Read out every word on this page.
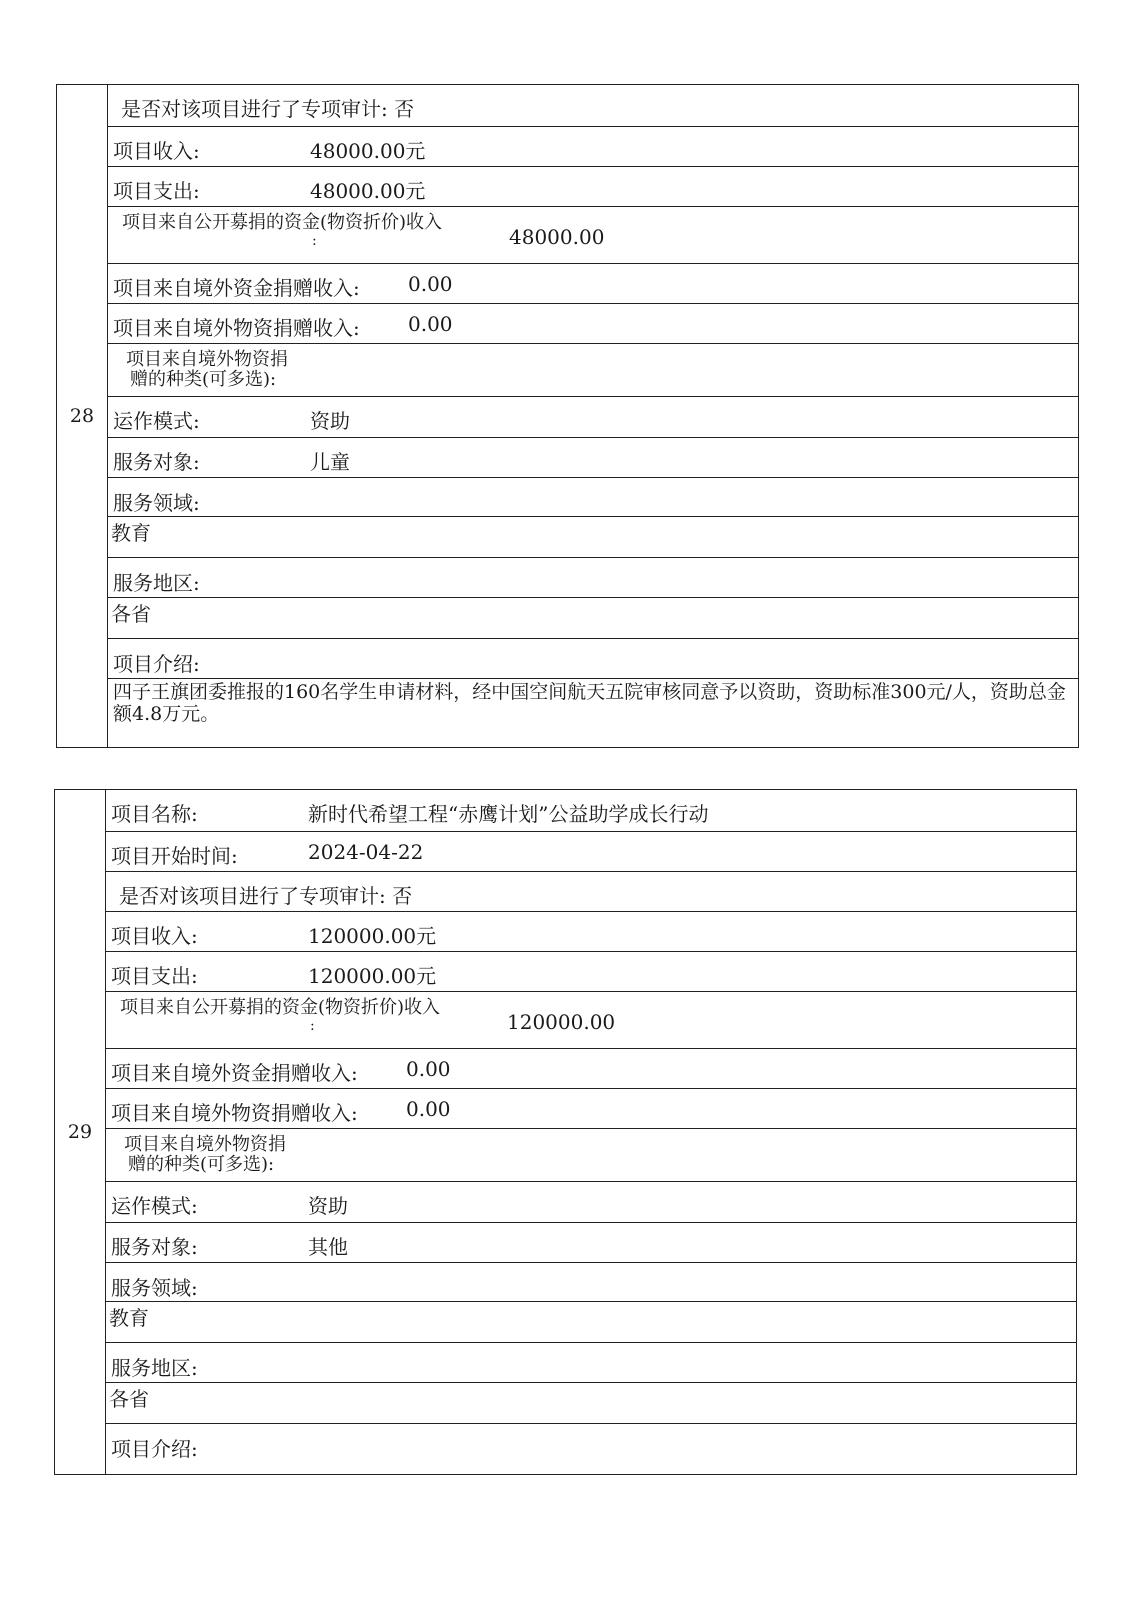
28
是否对该项目进行了专项审计: 否
项目收入:	48000.00元
项目支出:	48000.00元
项目来自公开募捐的资金(物资折价)收入
:	48000.00
项目来自境外资金捐赠收入: 0.00
项目来自境外物资捐赠收入: 0.00
项目来自境外物资捐
赠的种类(可多选):
运作模式:	资助
服务对象:	儿童
服务领域:
教育
服务地区:
各省
项目介绍:
四子王旗团委推报的160名学生申请材料，经中国空间航天五院审核同意予以资助，资助标准300元/人，资助总金额4.8万元。
29
项目名称:	新时代希望工程“赤鹰计划”公益助学成长行动
项目开始时间:	2024-04-22
是否对该项目进行了专项审计: 否
项目收入:	120000.00元
项目支出:	120000.00元
项目来自公开募捐的资金(物资折价)收入
:	120000.00
项目来自境外资金捐赠收入: 0.00
项目来自境外物资捐赠收入: 0.00
项目来自境外物资捐
赠的种类(可多选):
运作模式:	资助
服务对象:	其他
服务领域:
教育
服务地区:
各省
项目介绍:
